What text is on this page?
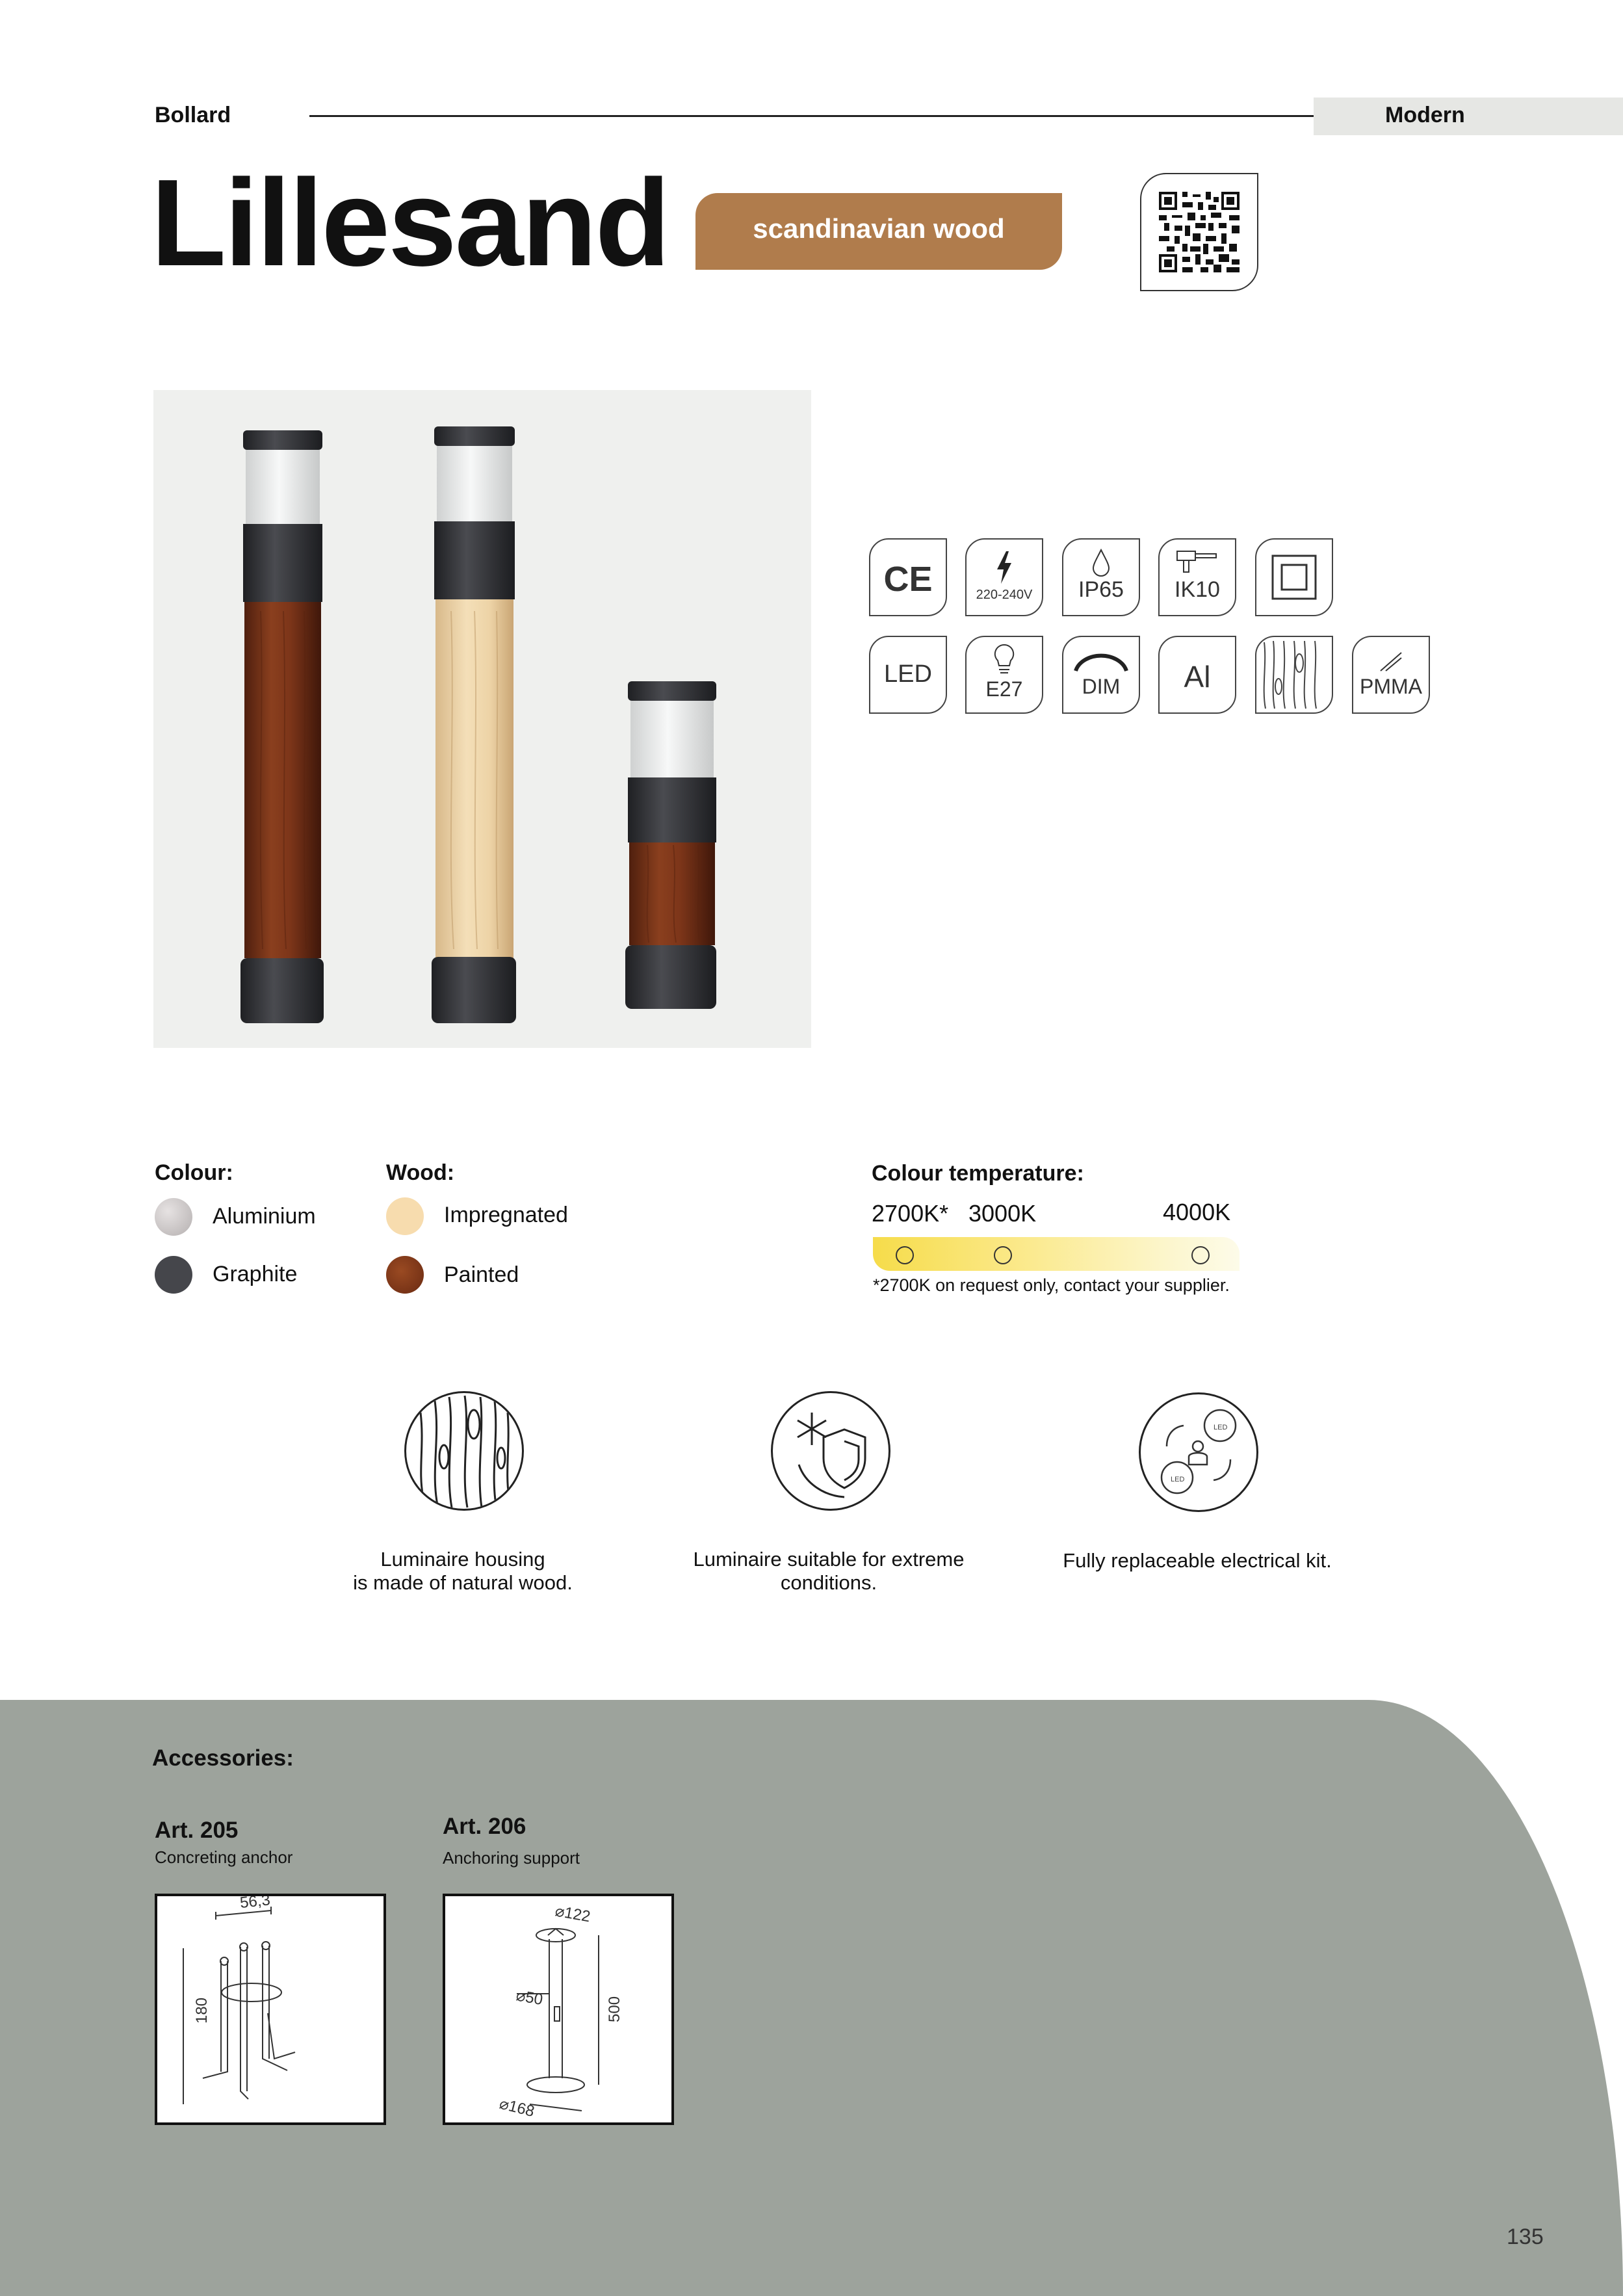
Bollard	Modern
Lillesand	scandinavian wood
CE	220-240V	IP65	IK10
LED
E27	DIM	Al	PMMA
Colour:
Aluminium
Graphite
Wood:
Impregnated
Painted
Colour temperature:
2700K* 3000K	4000K
*2700K on request only, contact your supplier.
Luminaire housing
is made of natural wood.
Luminaire suitable for extreme
conditions.
LED
LED
Fully replaceable electrical kit.
Accessories:
Art. 205
Concreting anchor
56,3
180
Art. 206
Anchoring support
⌀122
⌀50	500
⌀168
135
